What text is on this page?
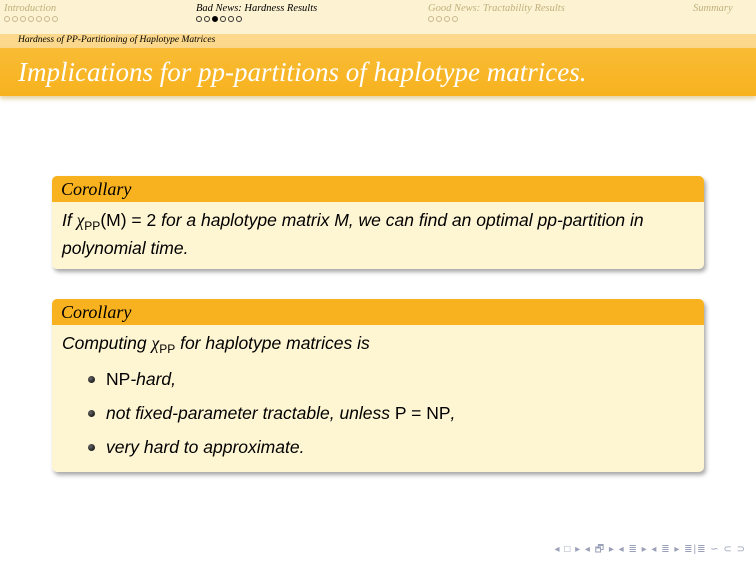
Introduction	Bad News: Hardness Results	Good News: Tractability Results	Summary
Hardness of PP-Partitioning of Haplotype Matrices
Implications for pp-partitions of haplotype matrices.
Corollary
If $\chi_{PP}(M) = 2$ for a haplotype matrix M, we can find an optimal pp-partition in polynomial time.
Corollary
Computing $\chi_{PP}$ for haplotype matrices is
NP-hard,
not fixed-parameter tractable, unless P = NP,
very hard to approximate.
◂ □ ▸ ◂ 🗗 ▸ ◂ ≣ ▸ ◂ ≣ ▸ ≣|≣ ∽ ⊂ ⊃
